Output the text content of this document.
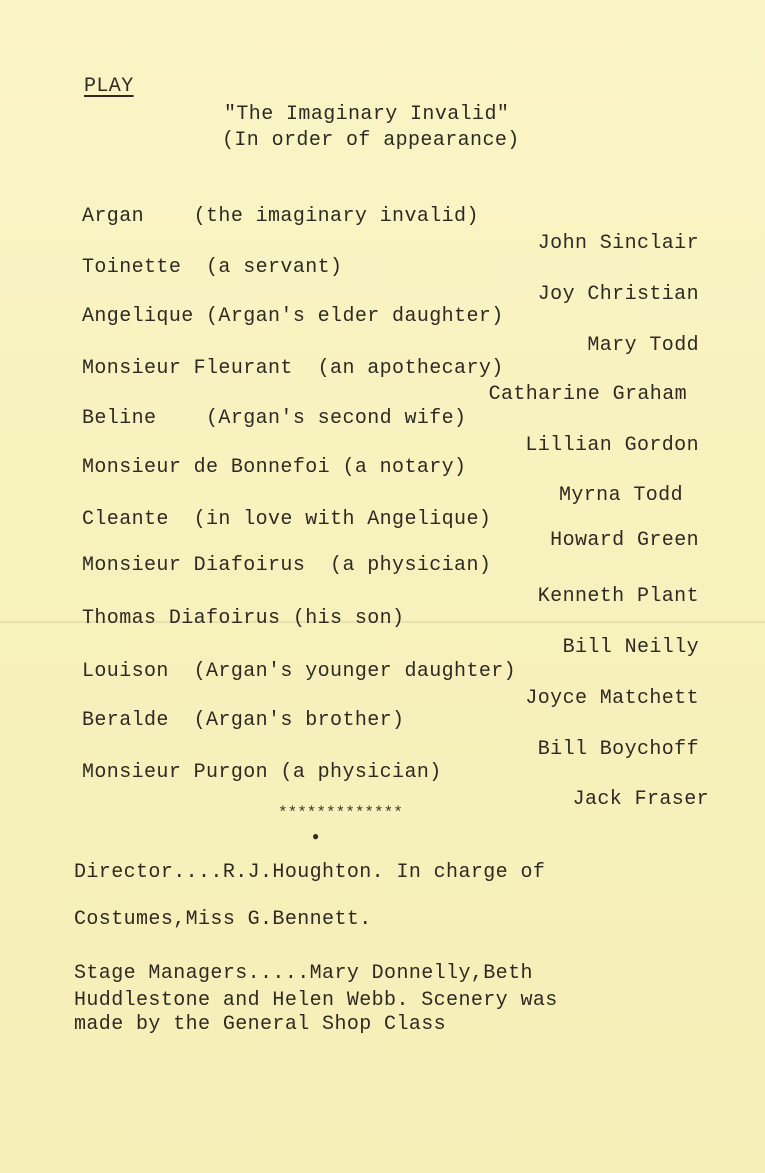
PLAY
"The Imaginary Invalid"
(In order of appearance)
Argan    (the imaginary invalid)
John Sinclair
Toinette  (a servant)
Joy Christian
Angelique (Argan's elder daughter)
Mary Todd
Monsieur Fleurant  (an apothecary)
Catharine Graham
Beline    (Argan's second wife)
Lillian Gordon
Monsieur de Bonnefoi (a notary)
Myrna Todd
Cleante  (in love with Angelique)
Howard Green
Monsieur Diafoirus  (a physician)
Kenneth Plant
Thomas Diafoirus (his son)
Bill Neilly
Louison  (Argan's younger daughter)
Joyce Matchett
Beralde  (Argan's brother)
Bill Boychoff
Monsieur Purgon (a physician)
Jack Fraser
*************
●
Director....R.J.Houghton. In charge of
Costumes,Miss G.Bennett.
Stage Managers.....Mary Donnelly,Beth
Huddlestone and Helen Webb. Scenery was
made by the General Shop Class
